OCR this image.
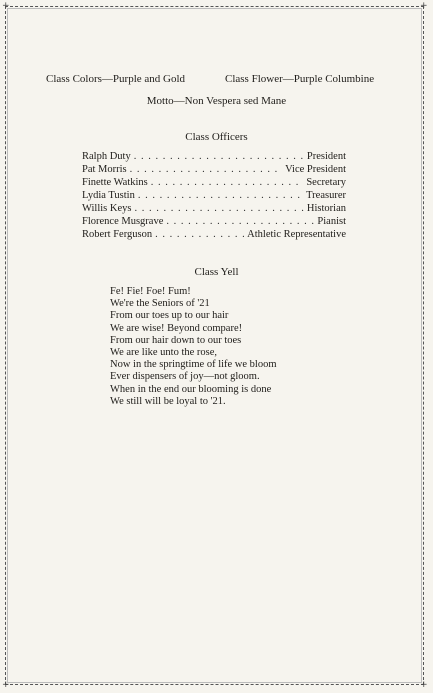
+	+
+	+
Class Colors—Purple and Gold	Class Flower—Purple Columbine
Motto—Non Vespera sed Mane
Class Officers
Ralph Duty . . .	President
Pat Morris . . .	Vice President
Finette Watkins . . .	Secretary
Lydia Tustin . . .	Treasurer
Willis Keys . . .	Historian
Florence Musgrave . . .	Pianist
Robert Ferguson . . .	Athletic Representative
Class Yell
Fe! Fie! Foe! Fum!
We're the Seniors of '21
From our toes up to our hair
We are wise! Beyond compare!
From our hair down to our toes
We are like unto the rose,
Now in the springtime of life we bloom
Ever dispensers of joy—not gloom.
When in the end our blooming is done
We still will be loyal to '21.
